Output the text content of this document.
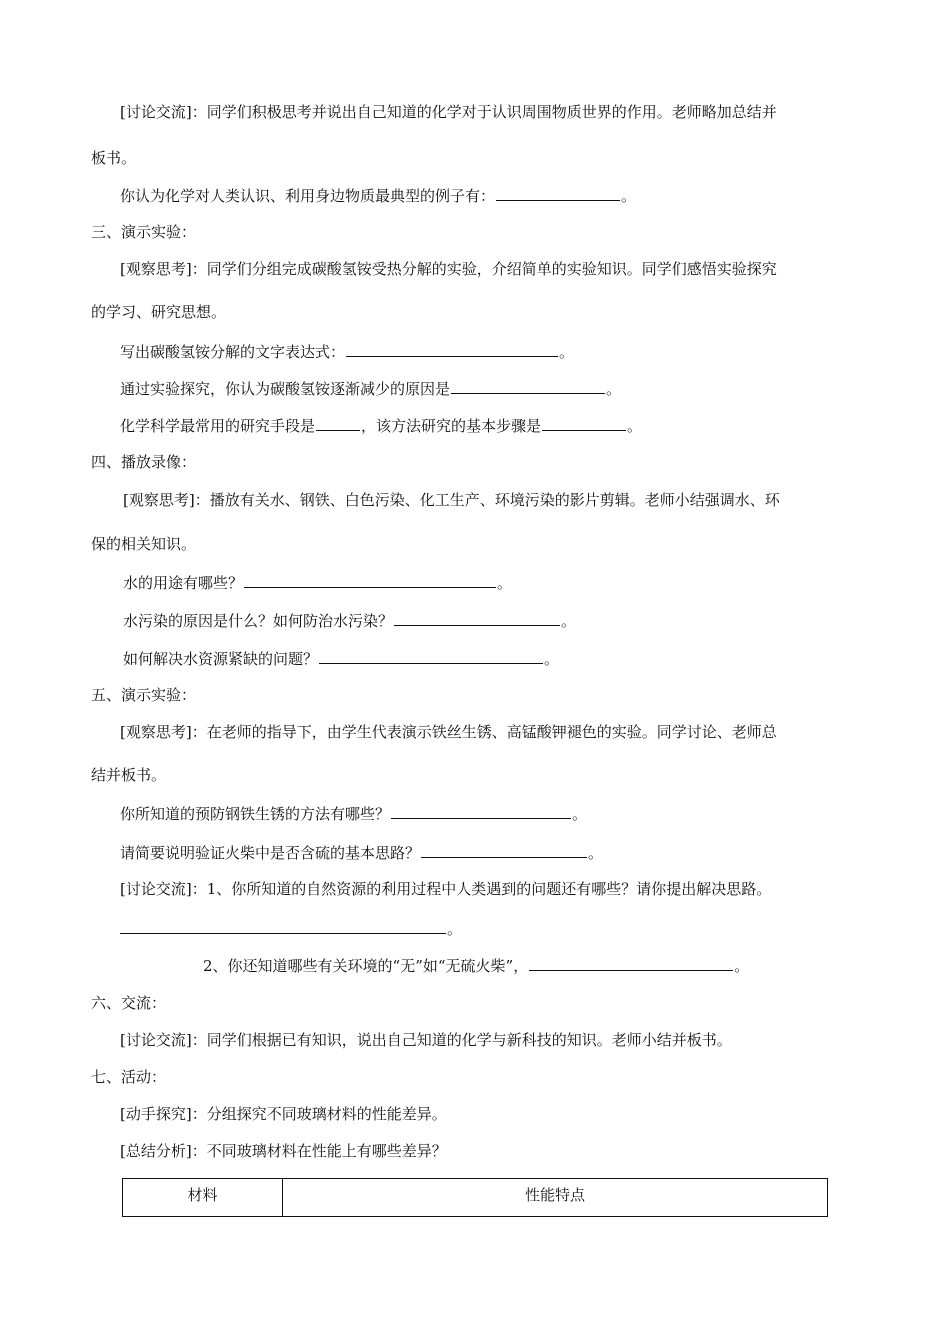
[讨论交流]：同学们积极思考并说出自己知道的化学对于认识周围物质世界的作用。老师略加总结并
板书。
你认为化学对人类认识、利用身边物质最典型的例子有：	。
三、演示实验：
[观察思考]：同学们分组完成碳酸氢铵受热分解的实验，介绍简单的实验知识。同学们感悟实验探究
的学习、研究思想。
写出碳酸氢铵分解的文字表达式：	。
通过实验探究，你认为碳酸氢铵逐渐减少的原因是	。
化学科学最常用的研究手段是	，该方法研究的基本步骤是	。
四、播放录像：
[观察思考]：播放有关水、钢铁、白色污染、化工生产、环境污染的影片剪辑。老师小结强调水、环
保的相关知识。
水的用途有哪些？	。
水污染的原因是什么？如何防治水污染？	。
如何解决水资源紧缺的问题？	。
五、演示实验：
[观察思考]：在老师的指导下，由学生代表演示铁丝生锈、高锰酸钾褪色的实验。同学讨论、老师总
结并板书。
你所知道的预防钢铁生锈的方法有哪些？	。
请简要说明验证火柴中是否含硫的基本思路？	。
[讨论交流]：1、你所知道的自然资源的利用过程中人类遇到的问题还有哪些？请你提出解决思路。
。
2、你还知道哪些有关环境的“无”如“无硫火柴”，	。
六、交流：
[讨论交流]：同学们根据已有知识，说出自己知道的化学与新科技的知识。老师小结并板书。
七、活动：
[动手探究]：分组探究不同玻璃材料的性能差异。
[总结分析]：不同玻璃材料在性能上有哪些差异？
材料	性能特点
